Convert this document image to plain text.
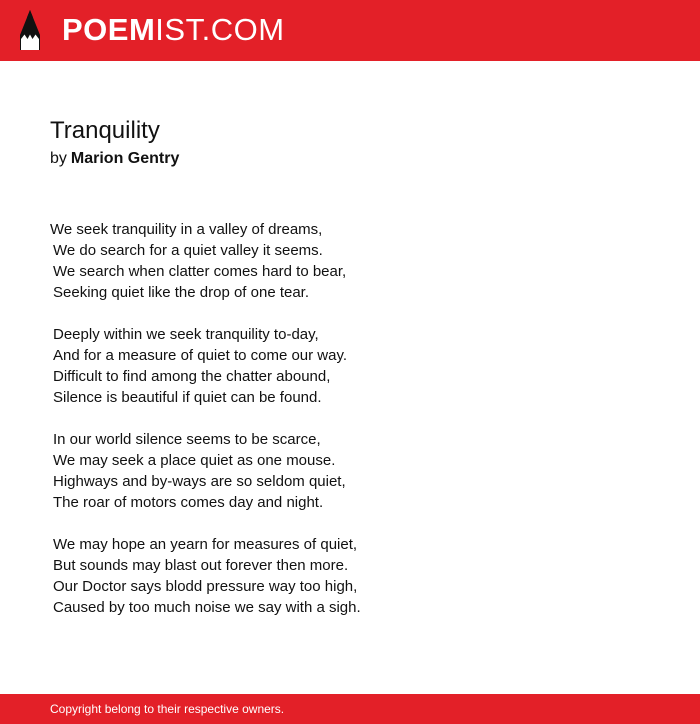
POEMIST.COM
Tranquility
by Marion Gentry
We seek tranquility in a valley of dreams,
We do search for a quiet valley it seems.
We search when clatter comes hard to bear,
Seeking quiet like the drop of one tear.
Deeply within we seek tranquility to-day,
And for a measure of quiet to come our way.
Difficult to find among the chatter abound,
Silence is beautiful if quiet can be found.
In our world silence seems to be scarce,
We may seek a place quiet as one mouse.
Highways and by-ways are so seldom quiet,
The roar of motors comes day and night.
We may hope an yearn for measures of quiet,
But sounds may blast out forever then more.
Our Doctor says blodd pressure way too high,
Caused by too much noise we say with a sigh.
Copyright belong to their respective owners.
